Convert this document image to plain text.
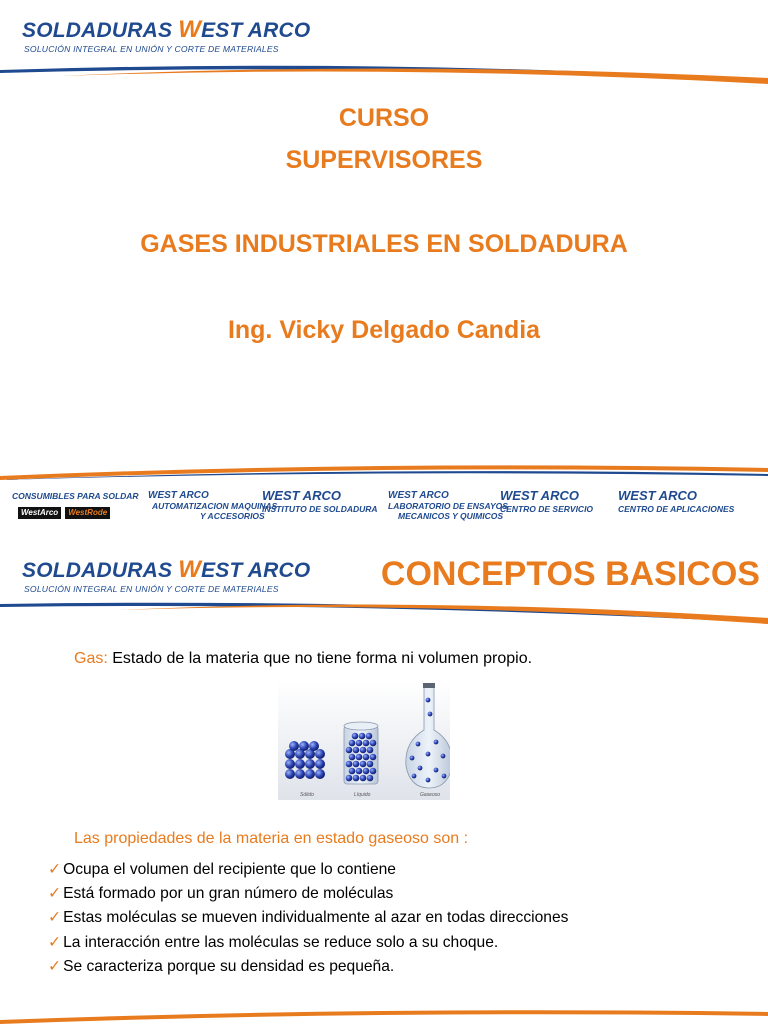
SOLDADURAS WEST ARCO
SOLUCIÓN INTEGRAL EN UNIÓN Y CORTE DE MATERIALES
CURSO
SUPERVISORES
GASES INDUSTRIALES EN SOLDADURA
Ing. Vicky Delgado Candia
CONSUMIBLES PARA SOLDAR
WestArco WestRode
WEST ARCO
AUTOMATIZACION MAQUINAS
Y ACCESORIOS
WEST ARCO
INSTITUTO DE SOLDADURA
WEST ARCO
LABORATORIO DE ENSAYOS
MECANICOS Y QUIMICOS
WEST ARCO
CENTRO DE SERVICIO
WEST ARCO
CENTRO DE APLICACIONES
SOLDADURAS WEST ARCO
SOLUCIÓN INTEGRAL EN UNIÓN Y CORTE DE MATERIALES	CONCEPTOS BASICOS
Gas: Estado de la materia que no tiene forma ni volumen propio.
Sólido	Líquido	Gaseoso
Las propiedades de la materia en estado gaseoso son :
✓ Ocupa el volumen del recipiente que lo contiene
✓ Está formado por un gran número de moléculas
✓ Estas moléculas se mueven individualmente al azar en todas direcciones
✓ La interacción entre las moléculas se reduce solo a su choque.
✓ Se caracteriza porque su densidad es pequeña.
